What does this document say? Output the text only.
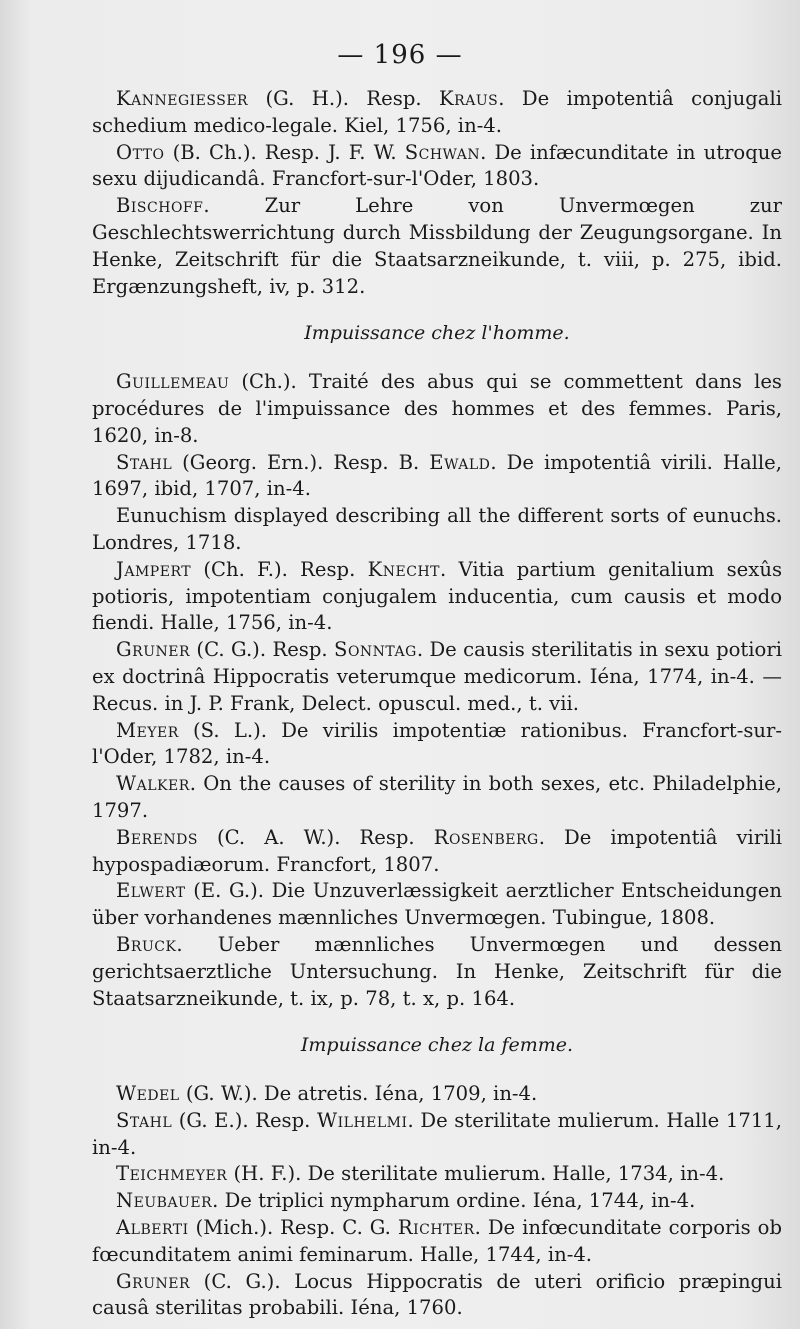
— 196 —

Kannegiesser (G. H.). Resp. Kraus. De impotentiâ conjugali schedium medico-legale. Kiel, 1756, in-4.

Otto (B. Ch.). Resp. J. F. W. Schwan. De infæcunditate in utroque sexu dijudicandâ. Francfort-sur-l'Oder, 1803.

Bischoff. Zur Lehre von Unvermœgen zur Geschlechtswerrichtung durch Missbildung der Zeugungsorgane. In Henke, Zeitschrift für die Staatsarzneikunde, t. viii, p. 275, ibid. Ergænzungsheft, iv, p. 312.

Impuissance chez l'homme.

Guillemeau (Ch.). Traité des abus qui se commettent dans les procédures de l'impuissance des hommes et des femmes. Paris, 1620, in-8.

Stahl (Georg. Ern.). Resp. B. Ewald. De impotentiâ virili. Halle, 1697, ibid, 1707, in-4.

Eunuchism displayed describing all the different sorts of eunuchs. Londres, 1718.

Jampert (Ch. F.). Resp. Knecht. Vitia partium genitalium sexûs potioris, impotentiam conjugalem inducentia, cum causis et modo fiendi. Halle, 1756, in-4.

Gruner (C. G.). Resp. Sonntag. De causis sterilitatis in sexu potiori ex doctrinâ Hippocratis veterumque medicorum. Iéna, 1774, in-4. — Recus. in J. P. Frank, Delect. opuscul. med., t. vii.

Meyer (S. L.). De virilis impotentiæ rationibus. Francfort-sur-l'Oder, 1782, in-4.

Walker. On the causes of sterility in both sexes, etc. Philadelphie, 1797.

Berends (C. A. W.). Resp. Rosenberg. De impotentiâ virili hypospadiæorum. Francfort, 1807.

Elwert (E. G.). Die Unzuverlæssigkeit aerztlicher Entscheidungen über vorhandenes mænnliches Unvermœgen. Tubingue, 1808.

Bruck. Ueber mænnliches Unvermœgen und dessen gerichtsaerztliche Untersuchung. In Henke, Zeitschrift für die Staatsarzneikunde, t. ix, p. 78, t. x, p. 164.

Impuissance chez la femme.

Wedel (G. W.). De atretis. Iéna, 1709, in-4.

Stahl (G. E.). Resp. Wilhelmi. De sterilitate mulierum. Halle 1711, in-4.

Teichmeyer (H. F.). De sterilitate mulierum. Halle, 1734, in-4.

Neubauer. De triplici nympharum ordine. Iéna, 1744, in-4.

Alberti (Mich.). Resp. C. G. Richter. De infœcunditate corporis ob fœcunditatem animi feminarum. Halle, 1744, in-4.

Gruner (C. G.). Locus Hippocratis de uteri orificio præpingui causâ sterilitas probabili. Iéna, 1760.
